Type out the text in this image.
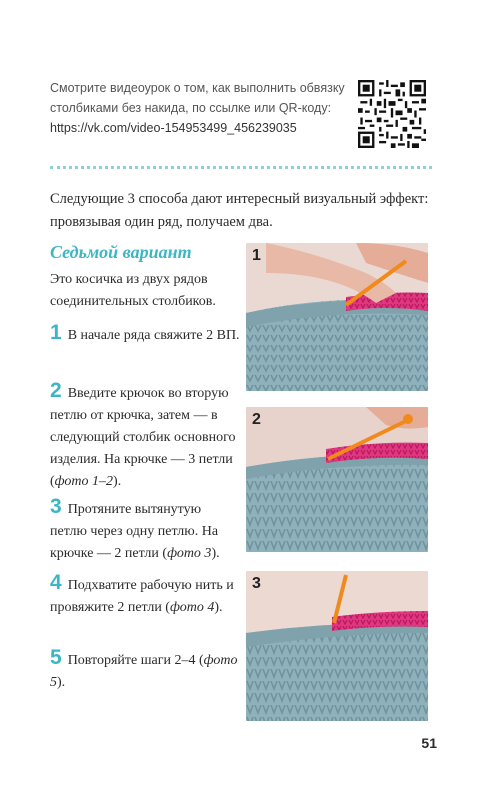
Смотрите видеоурок о том, как выполнить обвязку столбиками без накида, по ссылке или QR-коду:
https://vk.com/video-154953499_456239035
Следующие 3 способа дают интересный визуальный эффект: провязывая один ряд, получаем два.
Седьмой вариант
Это косичка из двух рядов соединительных столбиков.
1 В начале ряда свяжите 2 ВП.
2 Введите крючок во вторую петлю от крючка, затем — в следующий столбик основного изделия. На крючке — 3 петли (фото 1–2).
3 Протяните вытянутую петлю через одну петлю. На крючке — 2 петли (фото 3).
4 Подхватите рабочую нить и провяжите 2 петли (фото 4).
5 Повторяйте шаги 2–4 (фото 5).
1
2
3
51
